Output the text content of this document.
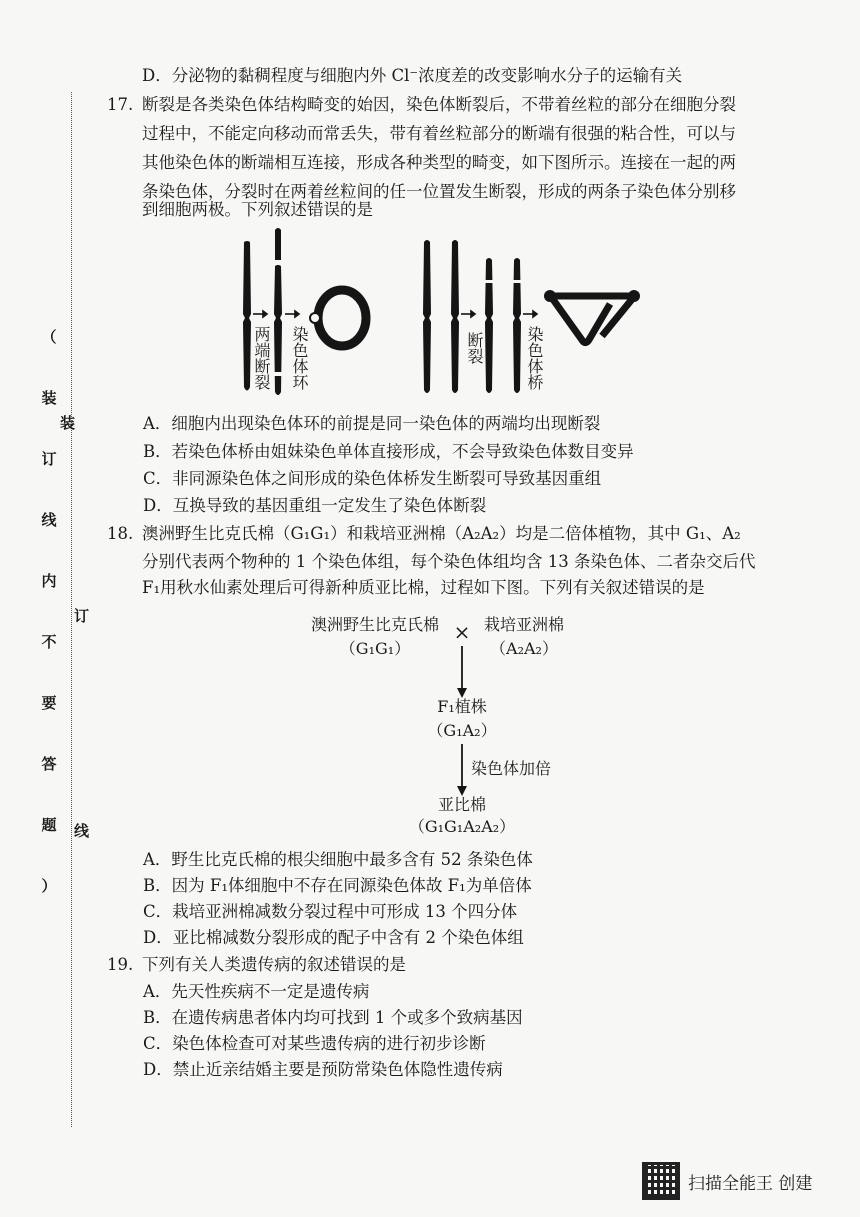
（
装
订
线
内
不
要
答
题
）
装
订
线
D．分泌物的黏稠程度与细胞内外 Cl⁻浓度差的改变影响水分子的运输有关
17. 断裂是各类染色体结构畸变的始因，染色体断裂后，不带着丝粒的部分在细胞分裂
过程中，不能定向移动而常丢失，带有着丝粒部分的断端有很强的粘合性，可以与
其他染色体的断端相互连接，形成各种类型的畸变，如下图所示。连接在一起的两
条染色体，分裂时在两着丝粒间的任一位置发生断裂，形成的两条子染色体分别移
到细胞两极。下列叙述错误的是
两端断裂	染色体环	断裂	染色体桥
A．细胞内出现染色体环的前提是同一染色体的两端均出现断裂
B．若染色体桥由姐妹染色单体直接形成，不会导致染色体数目变异
C．非同源染色体之间形成的染色体桥发生断裂可导致基因重组
D．互换导致的基因重组一定发生了染色体断裂
18. 澳洲野生比克氏棉（G₁G₁）和栽培亚洲棉（A₂A₂）均是二倍体植物，其中 G₁、A₂
分别代表两个物种的 1 个染色体组，每个染色体组均含 13 条染色体、二者杂交后代
F₁用秋水仙素处理后可得新种质亚比棉，过程如下图。下列有关叙述错误的是
澳洲野生比克氏棉
（G₁G₁）
× 栽培亚洲棉
（A₂A₂）
F₁植株
（G₁A₂）
染色体加倍
亚比棉
（G₁G₁A₂A₂）
A．野生比克氏棉的根尖细胞中最多含有 52 条染色体
B．因为 F₁体细胞中不存在同源染色体故 F₁为单倍体
C．栽培亚洲棉减数分裂过程中可形成 13 个四分体
D．亚比棉减数分裂形成的配子中含有 2 个染色体组
19. 下列有关人类遗传病的叙述错误的是
A．先天性疾病不一定是遗传病
B．在遗传病患者体内均可找到 1 个或多个致病基因
C．染色体检查可对某些遗传病的进行初步诊断
D．禁止近亲结婚主要是预防常染色体隐性遗传病
扫描全能王 创建
